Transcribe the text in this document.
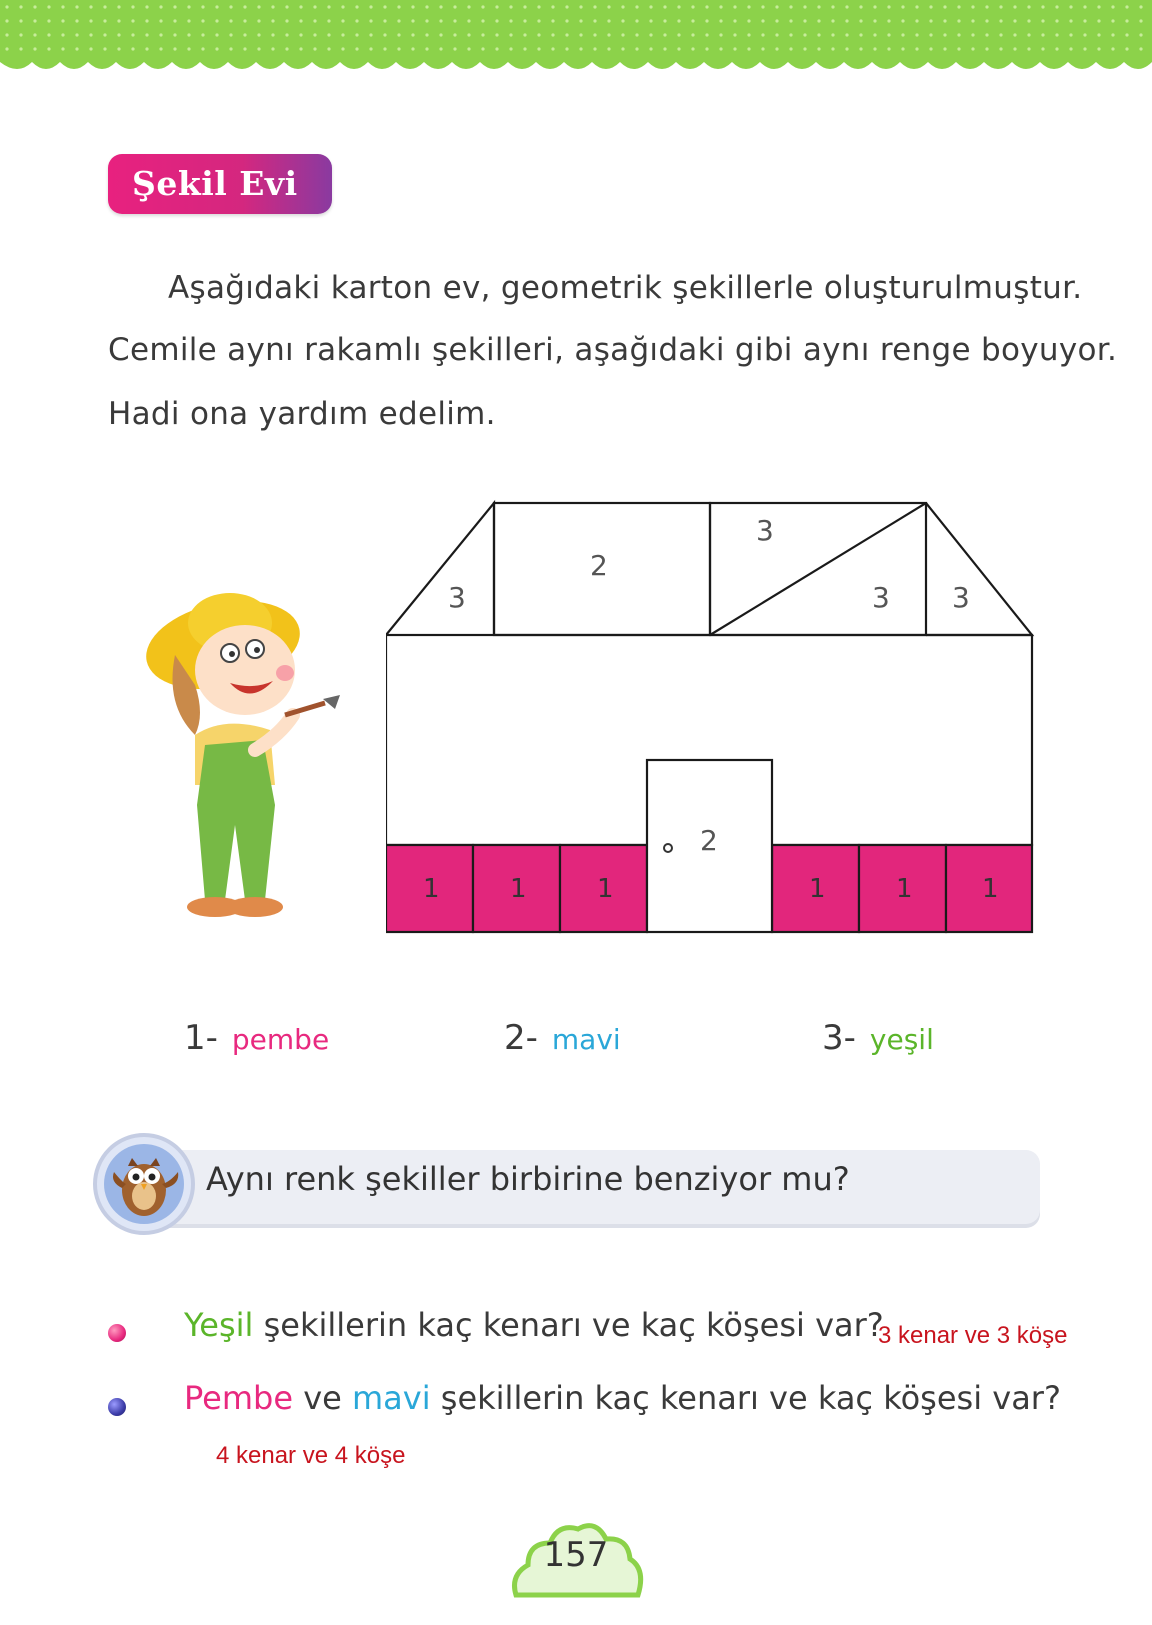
Şekil Evi
Aşağıdaki karton ev, geometrik şekillerle oluşturulmuştur.
Cemile aynı rakamlı şekilleri, aşağıdaki gibi aynı renge boyuyor.
Hadi ona yardım edelim.
3
2
3
3 3
2
1	1	1	1	1	1
1- pembe	2- mavi	3- yeşil
Aynı renk şekiller birbirine benziyor mu?
Yeşil şekillerin kaç kenarı ve kaç köşesi var?
3 kenar ve 3 köşe
Pembe ve mavi şekillerin kaç kenarı ve kaç köşesi var?
4 kenar ve 4 köşe
157
